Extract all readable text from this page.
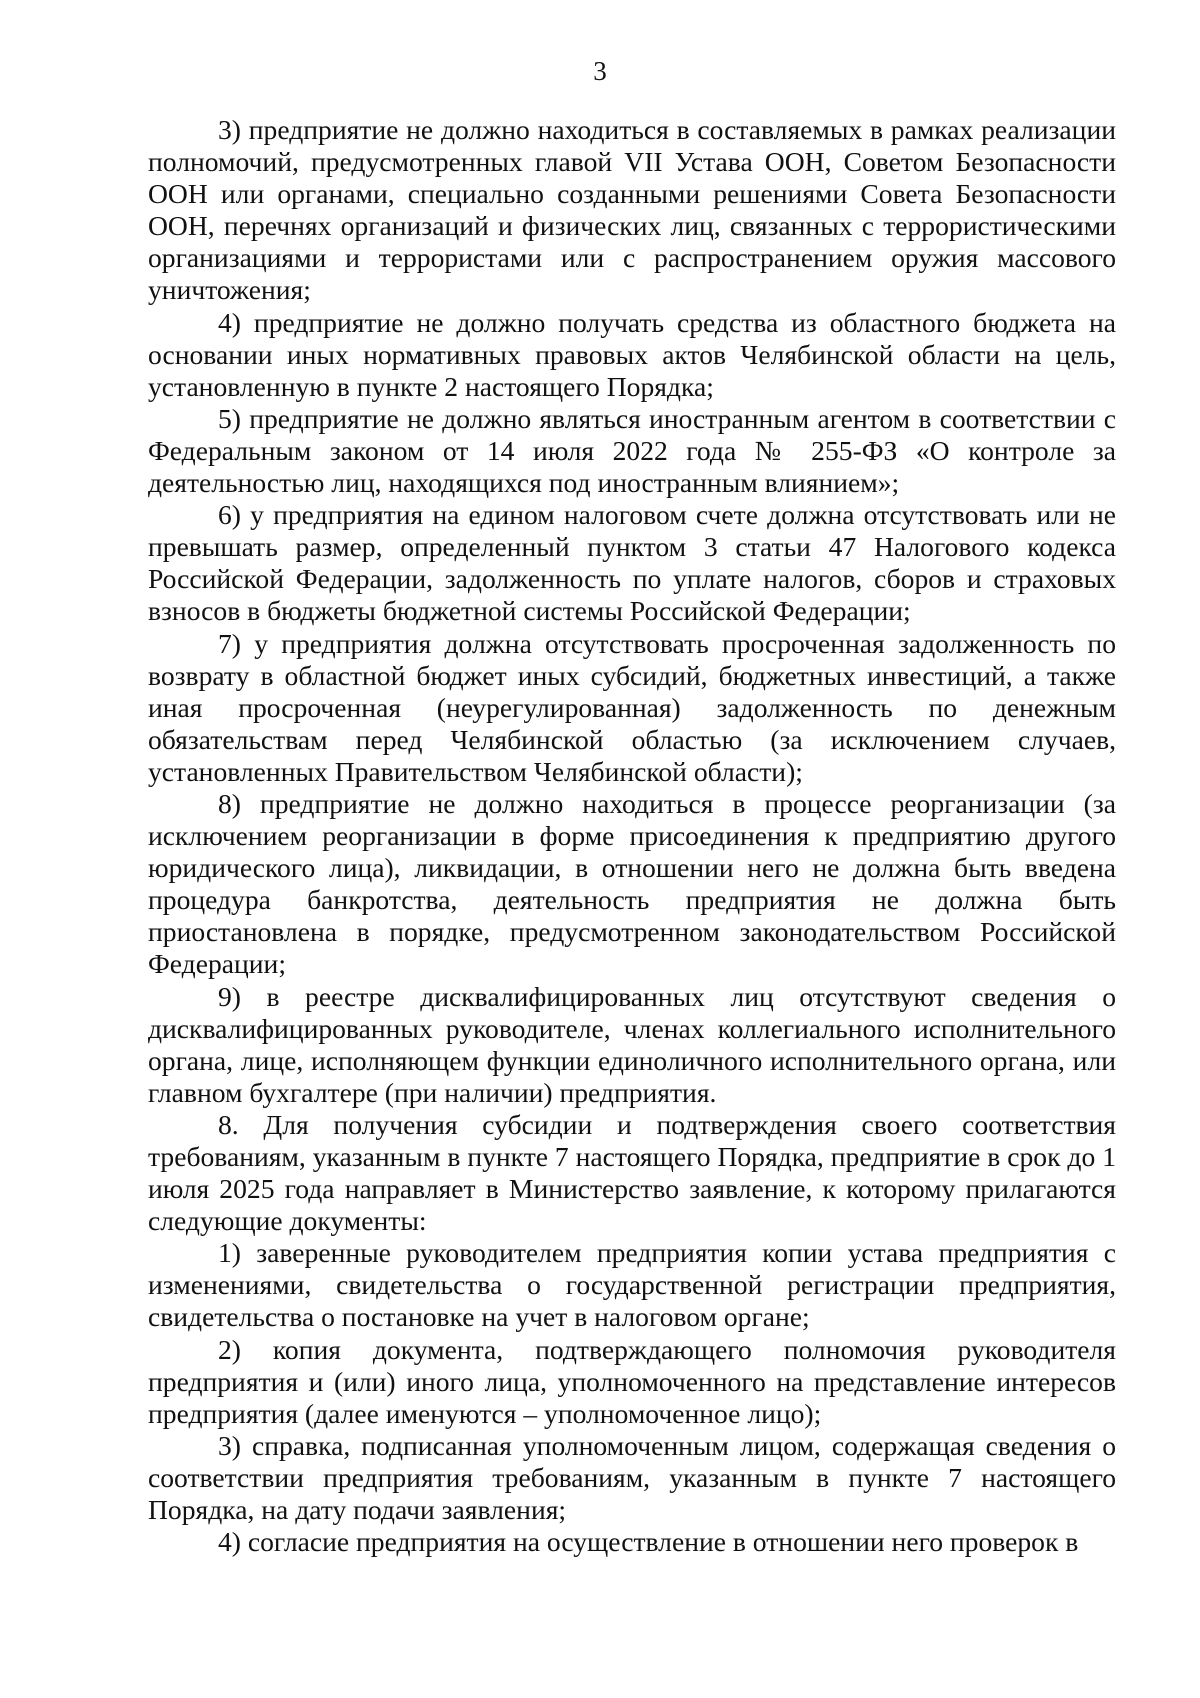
3

3) предприятие не должно находиться в составляемых в рамках реализации полномочий, предусмотренных главой VII Устава ООН, Советом Безопасности ООН или органами, специально созданными решениями Совета Безопасности ООН, перечнях организаций и физических лиц, связанных с террористическими организациями и террористами или с распространением оружия массового уничтожения;

4) предприятие не должно получать средства из областного бюджета на основании иных нормативных правовых актов Челябинской области на цель, установленную в пункте 2 настоящего Порядка;

5) предприятие не должно являться иностранным агентом в соответствии с Федеральным законом от 14 июля 2022 года № 255-ФЗ «О контроле за деятельностью лиц, находящихся под иностранным влиянием»;

6) у предприятия на едином налоговом счете должна отсутствовать или не превышать размер, определенный пунктом 3 статьи 47 Налогового кодекса Российской Федерации, задолженность по уплате налогов, сборов и страховых взносов в бюджеты бюджетной системы Российской Федерации;

7) у предприятия должна отсутствовать просроченная задолженность по возврату в областной бюджет иных субсидий, бюджетных инвестиций, а также иная просроченная (неурегулированная) задолженность по денежным обязательствам перед Челябинской областью (за исключением случаев, установленных Правительством Челябинской области);

8) предприятие не должно находиться в процессе реорганизации (за исключением реорганизации в форме присоединения к предприятию другого юридического лица), ликвидации, в отношении него не должна быть введена процедура банкротства, деятельность предприятия не должна быть приостановлена в порядке, предусмотренном законодательством Российской Федерации;

9) в реестре дисквалифицированных лиц отсутствуют сведения о дисквалифицированных руководителе, членах коллегиального исполнительного органа, лице, исполняющем функции единоличного исполнительного органа, или главном бухгалтере (при наличии) предприятия.

8. Для получения субсидии и подтверждения своего соответствия требованиям, указанным в пункте 7 настоящего Порядка, предприятие в срок до 1 июля 2025 года направляет в Министерство заявление, к которому прилагаются следующие документы:

1) заверенные руководителем предприятия копии устава предприятия с изменениями, свидетельства о государственной регистрации предприятия, свидетельства о постановке на учет в налоговом органе;

2) копия документа, подтверждающего полномочия руководителя предприятия и (или) иного лица, уполномоченного на представление интересов предприятия (далее именуются – уполномоченное лицо);

3) справка, подписанная уполномоченным лицом, содержащая сведения о соответствии предприятия требованиям, указанным в пункте 7 настоящего Порядка, на дату подачи заявления;

4) согласие предприятия на осуществление в отношении него проверок в
